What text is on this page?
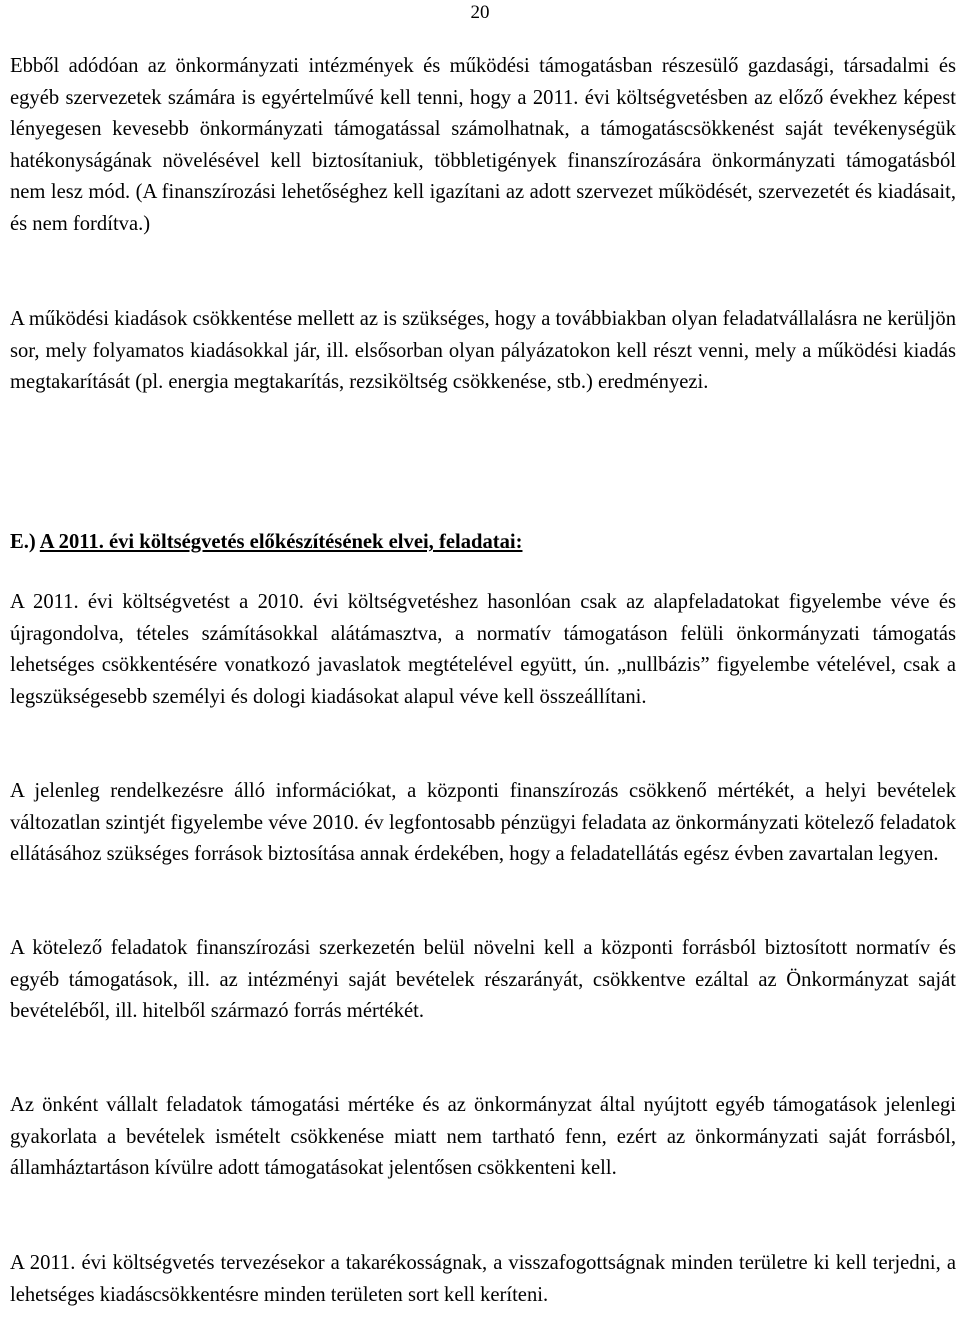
20

Ebből adódóan az önkormányzati intézmények és működési támogatásban részesülő gazdasági, társadalmi és egyéb szervezetek számára is egyértelművé kell tenni, hogy a 2011. évi költségvetésben az előző évekhez képest lényegesen kevesebb önkormányzati támogatással számolhatnak, a támogatáscsökkenést saját tevékenységük hatékonyságának növelésével kell biztosítaniuk, többletigények finanszírozására önkormányzati támogatásból nem lesz mód. (A finanszírozási lehetőséghez kell igazítani az adott szervezet működését, szervezetét és kiadásait, és nem fordítva.)

A működési kiadások csökkentése mellett az is szükséges, hogy a továbbiakban olyan feladatvállalásra ne kerüljön sor, mely folyamatos kiadásokkal jár, ill. elsősorban olyan pályázatokon kell részt venni, mely a működési kiadás megtakarítását (pl. energia megtakarítás, rezsiköltség csökkenése, stb.) eredményezi.

E.) A 2011. évi költségvetés előkészítésének elvei, feladatai:

A 2011. évi költségvetést a 2010. évi költségvetéshez hasonlóan csak az alapfeladatokat figyelembe véve és újragondolva, tételes számításokkal alátámasztva, a normatív támogatáson felüli önkormányzati támogatás lehetséges csökkentésére vonatkozó javaslatok megtételével együtt, ún. „nullbázis” figyelembe vételével, csak a legszükségesebb személyi és dologi kiadásokat alapul véve kell összeállítani.

A jelenleg rendelkezésre álló információkat, a központi finanszírozás csökkenő mértékét, a helyi bevételek változatlan szintjét figyelembe véve 2010. év legfontosabb pénzügyi feladata az önkormányzati kötelező feladatok ellátásához szükséges források biztosítása annak érdekében, hogy a feladatellátás egész évben zavartalan legyen.

A kötelező feladatok finanszírozási szerkezetén belül növelni kell a központi forrásból biztosított normatív és egyéb támogatások, ill. az intézményi saját bevételek részarányát, csökkentve ezáltal az Önkormányzat saját bevételéből, ill. hitelből származó forrás mértékét.

Az önként vállalt feladatok támogatási mértéke és az önkormányzat által nyújtott egyéb támogatások jelenlegi gyakorlata a bevételek ismételt csökkenése miatt nem tartható fenn, ezért az önkormányzati saját forrásból, államháztartáson kívülre adott támogatásokat jelentősen csökkenteni kell.

A 2011. évi költségvetés tervezésekor a takarékosságnak, a visszafogottságnak minden területre ki kell terjedni, a lehetséges kiadáscsökkentésre minden területen sort kell keríteni.
